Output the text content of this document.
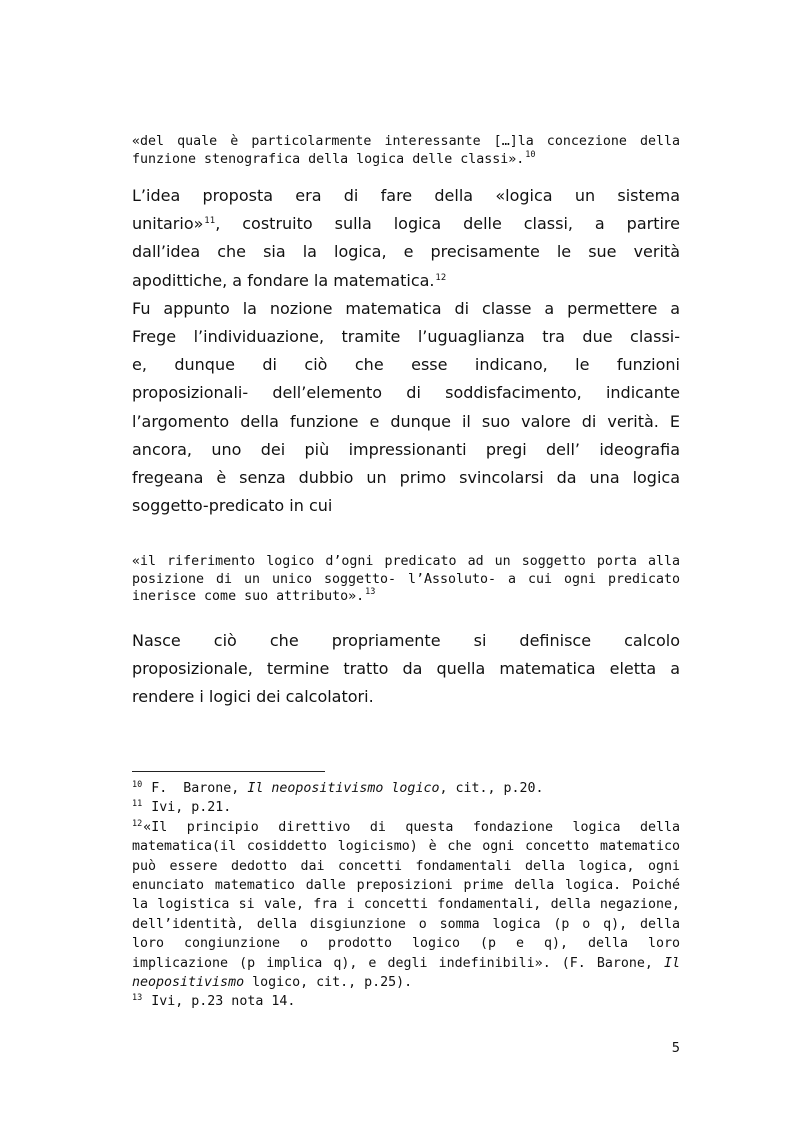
«del quale è particolarmente interessante […]la concezione della
funzione stenografica della logica delle classi».$^{10}$
L’idea proposta era di fare della «logica un sistema
unitario»$^{11}$, costruito sulla logica delle classi, a partire
dall’idea che sia la logica, e precisamente le sue verità
apodittiche, a fondare la matematica.$^{12}$
Fu appunto la nozione matematica di classe a permettere a
Frege l’individuazione, tramite l’uguaglianza tra due classi-
e, dunque di ciò che esse indicano, le funzioni
proposizionali- dell’elemento di soddisfacimento, indicante
l’argomento della funzione e dunque il suo valore di verità. E
ancora, uno dei più impressionanti pregi dell’ ideografia
fregeana è senza dubbio un primo svincolarsi da una logica
soggetto-predicato in cui
«il riferimento logico d’ogni predicato ad un soggetto porta alla
posizione di un unico soggetto- l’Assoluto- a cui ogni predicato
inerisce come suo attributo».$^{13}$
Nasce ciò che propriamente si definisce calcolo
proposizionale, termine tratto da quella matematica eletta a
rendere i logici dei calcolatori.
$^{10}$ F.  Barone, Il neopositivismo logico, cit., p.20.
$^{11}$ Ivi, p.21.
$^{12}$«Il principio direttivo di questa fondazione logica della
matematica(il cosiddetto logicismo) è che ogni concetto matematico
può essere dedotto dai concetti fondamentali della logica, ogni
enunciato matematico dalle preposizioni prime della logica. Poiché
la logistica si vale, fra i concetti fondamentali, della negazione,
dell’identità, della disgiunzione o somma logica (p o q), della
loro congiunzione o prodotto logico (p e q), della loro
implicazione (p implica q), e degli indefinibili». (F. Barone, Il
neopositivismo logico, cit., p.25).
$^{13}$ Ivi, p.23 nota 14.
5
